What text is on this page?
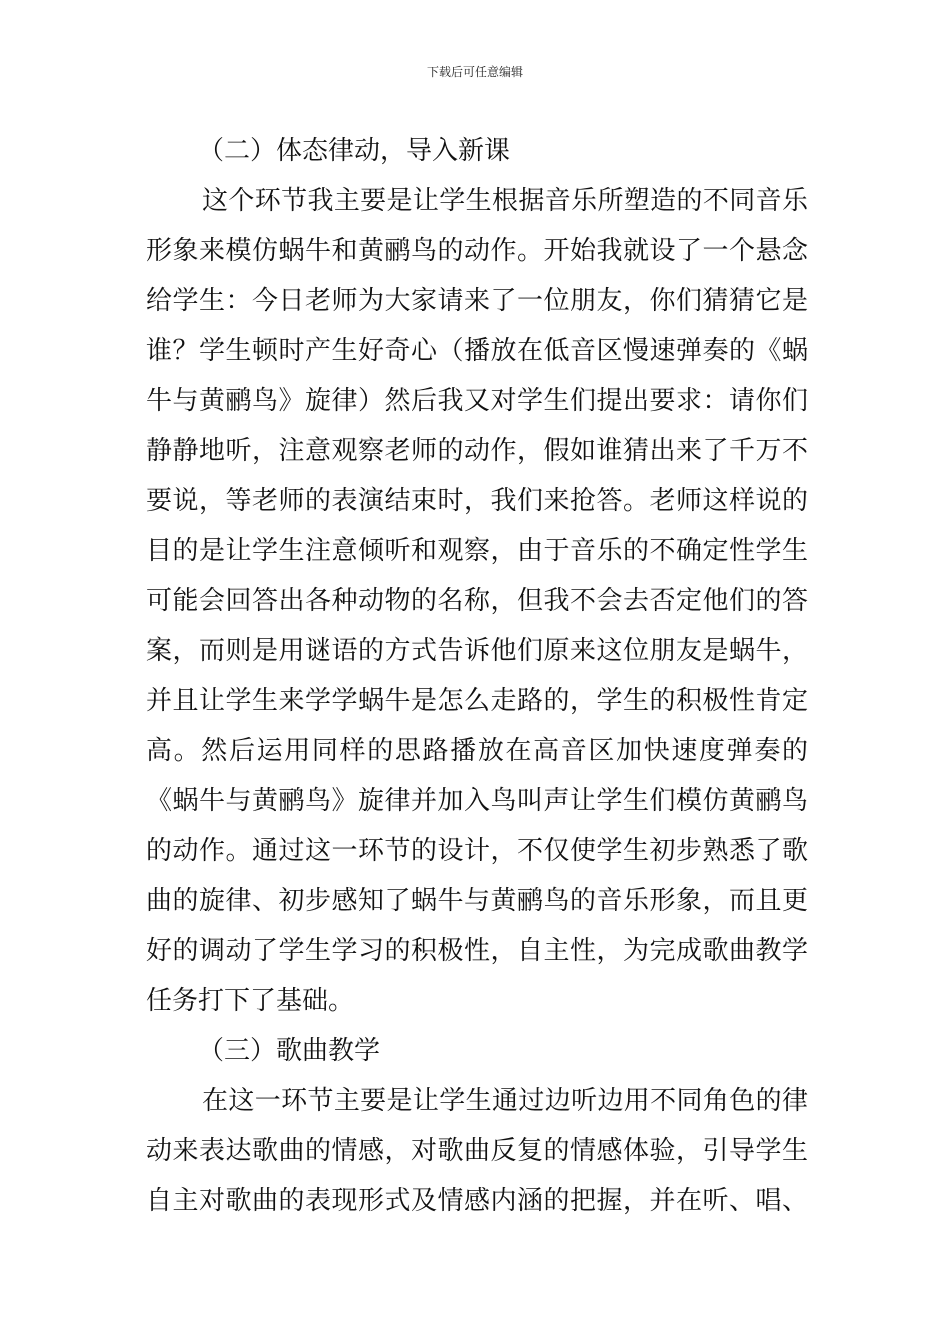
下载后可任意编辑
（二）体态律动，导入新课
这个环节我主要是让学生根据音乐所塑造的不同音乐
形象来模仿蜗牛和黄鹂鸟的动作。开始我就设了一个悬念
给学生：今日老师为大家请来了一位朋友，你们猜猜它是
谁？学生顿时产生好奇心（播放在低音区慢速弹奏的《蜗
牛与黄鹂鸟》旋律）然后我又对学生们提出要求：请你们
静静地听，注意观察老师的动作，假如谁猜出来了千万不
要说，等老师的表演结束时，我们来抢答。老师这样说的
目的是让学生注意倾听和观察，由于音乐的不确定性学生
可能会回答出各种动物的名称，但我不会去否定他们的答
案，而则是用谜语的方式告诉他们原来这位朋友是蜗牛，
并且让学生来学学蜗牛是怎么走路的，学生的积极性肯定
高。然后运用同样的思路播放在高音区加快速度弹奏的
《蜗牛与黄鹂鸟》旋律并加入鸟叫声让学生们模仿黄鹂鸟
的动作。通过这一环节的设计，不仅使学生初步熟悉了歌
曲的旋律、初步感知了蜗牛与黄鹂鸟的音乐形象，而且更
好的调动了学生学习的积极性，自主性，为完成歌曲教学
任务打下了基础。
（三）歌曲教学
在这一环节主要是让学生通过边听边用不同角色的律
动来表达歌曲的情感，对歌曲反复的情感体验，引导学生
自主对歌曲的表现形式及情感内涵的把握，并在听、唱、
